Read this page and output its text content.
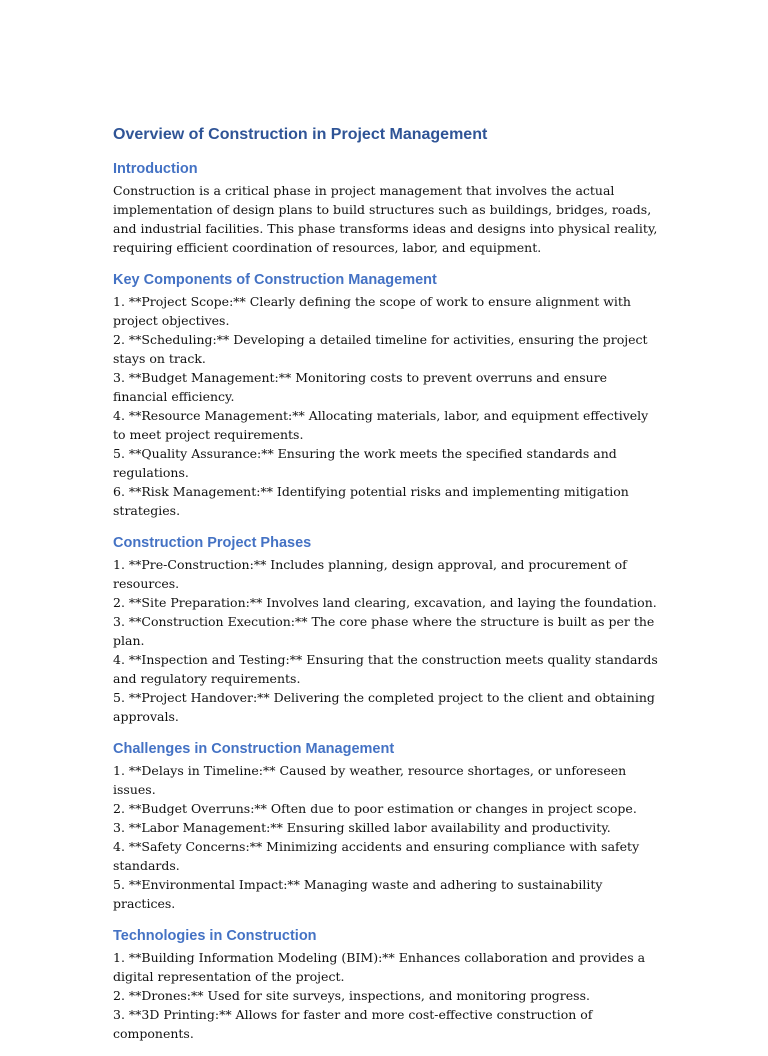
Overview of Construction in Project Management
Introduction

Construction is a critical phase in project management that involves the actual implementation of design plans to build structures such as buildings, bridges, roads, and industrial facilities. This phase transforms ideas and designs into physical reality, requiring efficient coordination of resources, labor, and equipment.

Key Components of Construction Management

1. **Project Scope:** Clearly defining the scope of work to ensure alignment with project objectives.

2. **Scheduling:** Developing a detailed timeline for activities, ensuring the project stays on track.

3. **Budget Management:** Monitoring costs to prevent overruns and ensure financial efficiency.

4. **Resource Management:** Allocating materials, labor, and equipment effectively to meet project requirements.

5. **Quality Assurance:** Ensuring the work meets the specified standards and regulations.

6. **Risk Management:** Identifying potential risks and implementing mitigation strategies.

Construction Project Phases

1. **Pre-Construction:** Includes planning, design approval, and procurement of resources.

2. **Site Preparation:** Involves land clearing, excavation, and laying the foundation.

3. **Construction Execution:** The core phase where the structure is built as per the plan.

4. **Inspection and Testing:** Ensuring that the construction meets quality standards and regulatory requirements.

5. **Project Handover:** Delivering the completed project to the client and obtaining approvals.

Challenges in Construction Management

1. **Delays in Timeline:** Caused by weather, resource shortages, or unforeseen issues.

2. **Budget Overruns:** Often due to poor estimation or changes in project scope.

3. **Labor Management:** Ensuring skilled labor availability and productivity.

4. **Safety Concerns:** Minimizing accidents and ensuring compliance with safety standards.

5. **Environmental Impact:** Managing waste and adhering to sustainability practices.

Technologies in Construction

1. **Building Information Modeling (BIM):** Enhances collaboration and provides a digital representation of the project.

2. **Drones:** Used for site surveys, inspections, and monitoring progress.

3. **3D Printing:** Allows for faster and more cost-effective construction of components.
